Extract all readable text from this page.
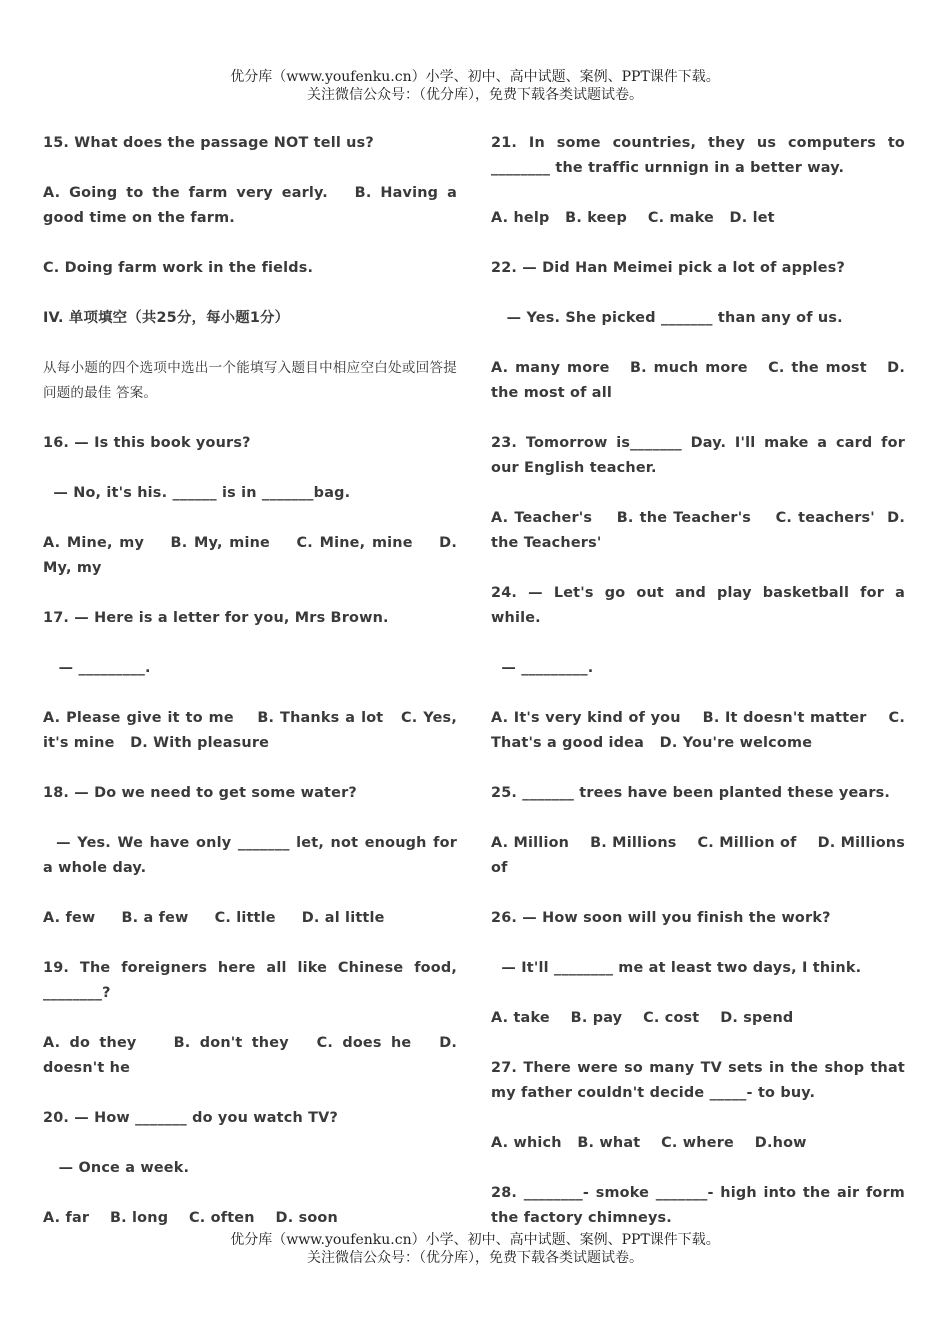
优分库（www.youfenku.cn）小学、初中、高中试题、案例、PPT课件下载。
关注微信公众号：（优分库），免费下载各类试题试卷。

15. What does the passage NOT tell us?

A. Going to the farm very early.   B. Having a good time on the farm.

C. Doing farm work in the fields.

IV. 单项填空（共25分，每小题1分）

从每小题的四个选项中选出一个能填写入题目中相应空白处或回答提问题的最佳 答案。

16. — Is this book yours?

— No, it's his. ______ is in _______bag.

A. Mine, my    B. My, mine    C. Mine, mine    D. My, my

17. — Here is a letter for you, Mrs Brown.

— _________.

A. Please give it to me    B. Thanks a lot   C. Yes, it's mine   D. With pleasure

18. — Do we need to get some water?

— Yes. We have only _______ let, not enough for a whole day.

A. few     B. a few     C. little     D. al little

19. The foreigners here all like Chinese food, ________?

A. do they    B. don't they   C. does he   D. doesn't he

20. — How _______ do you watch TV?

— Once a week.

A. far    B. long    C. often    D. soon

21. In some countries, they us computers to ________ the traffic urnnign in a better way.

A. help   B. keep    C. make   D. let

22. — Did Han Meimei pick a lot of apples?

— Yes. She picked _______ than any of us.

A. many more   B. much more   C. the most   D. the most of all

23. Tomorrow is_______ Day. I'll make a card for our English teacher.

A. Teacher's    B. the Teacher's    C. teachers'  D. the Teachers'

24. — Let's go out and play basketball for a while.

— _________.

A. It's very kind of you    B. It doesn't matter    C. That's a good idea   D. You're welcome

25. _______ trees have been planted these years.

A. Million    B. Millions    C. Million of    D. Millions of

26. — How soon will you finish the work?

— It'll ________ me at least two days, I think.

A. take    B. pay    C. cost    D. spend

27. There were so many TV sets in the shop that my father couldn't decide _____- to buy.

A. which   B. what    C. where    D.how

28. ________- smoke _______- high into the air form the factory chimneys.

优分库（www.youfenku.cn）小学、初中、高中试题、案例、PPT课件下载。
关注微信公众号：（优分库），免费下载各类试题试卷。
